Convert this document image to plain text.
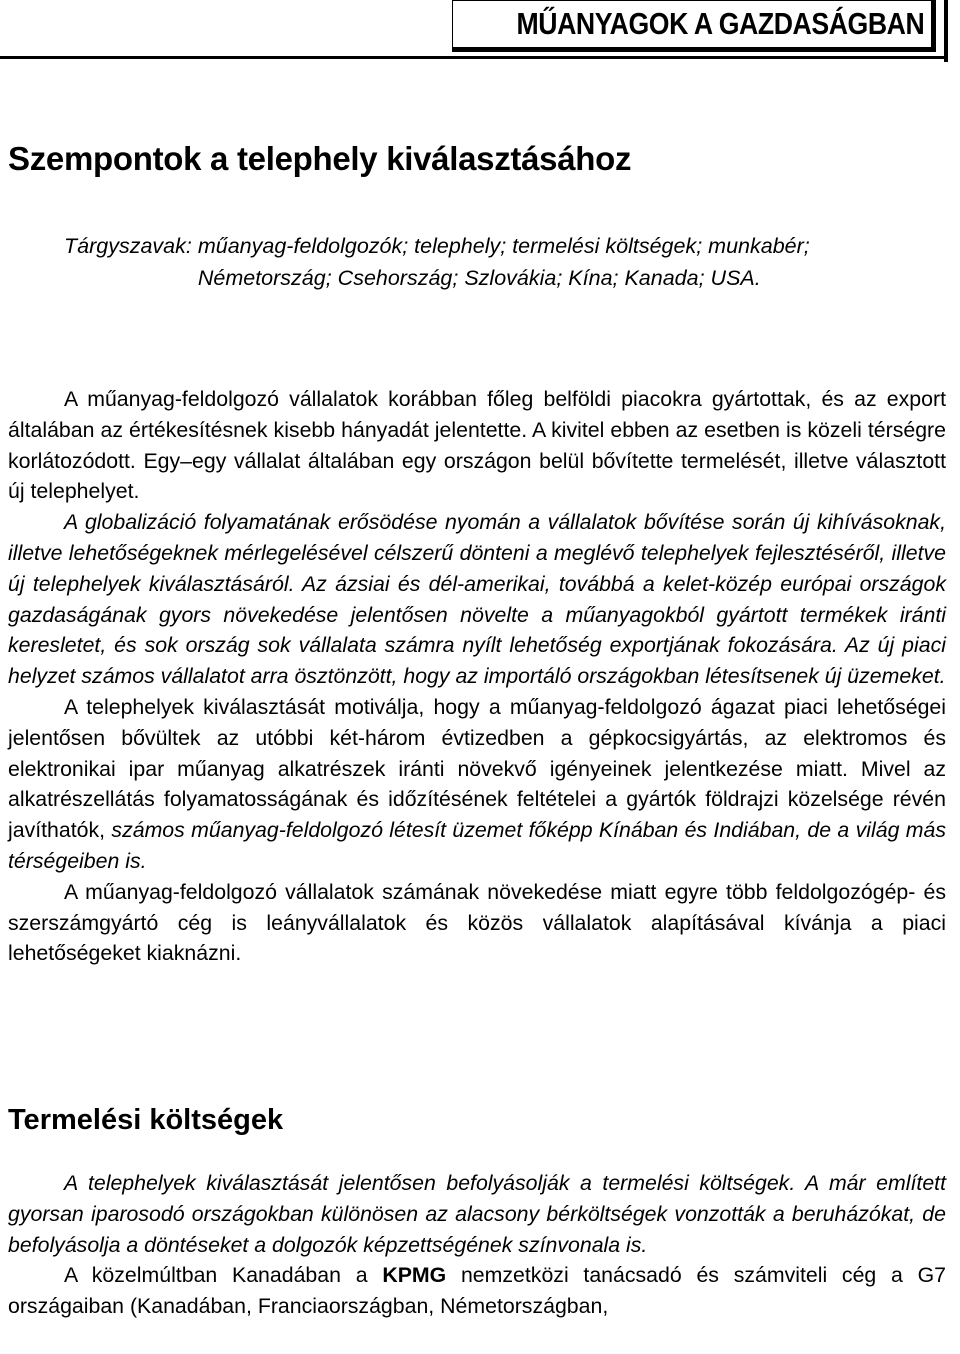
MŰANYAGOK A GAZDASÁGBAN
Szempontok a telephely kiválasztásához
Tárgyszavak: műanyag-feldolgozók; telephely; termelési költségek; munkabér; Németország; Csehország; Szlovákia; Kína; Kanada; USA.

A műanyag-feldolgozó vállalatok korábban főleg belföldi piacokra gyártottak, és az export általában az értékesítésnek kisebb hányadát jelentette. A kivitel ebben az esetben is közeli térségre korlátozódott. Egy–egy vállalat általában egy országon belül bővítette termelését, illetve választott új telephelyet.

A globalizáció folyamatának erősödése nyomán a vállalatok bővítése során új kihívásoknak, illetve lehetőségeknek mérlegelésével célszerű dönteni a meglévő telephelyek fejlesztéséről, illetve új telephelyek kiválasztásáról. Az ázsiai és dél-amerikai, továbbá a kelet-közép európai országok gazdaságának gyors növekedése jelentősen növelte a műanyagokból gyártott termékek iránti keresletet, és sok ország sok vállalata számra nyílt lehetőség exportjának fokozására. Az új piaci helyzet számos vállalatot arra ösztönzött, hogy az importáló országokban létesítsenek új üzemeket.

A telephelyek kiválasztását motiválja, hogy a műanyag-feldolgozó ágazat piaci lehetőségei jelentősen bővültek az utóbbi két-három évtizedben a gépkocsigyártás, az elektromos és elektronikai ipar műanyag alkatrészek iránti növekvő igényeinek jelentkezése miatt. Mivel az alkatrészellátás folyamatosságának és időzítésének feltételei a gyártók földrajzi közelsége révén javíthatók, számos műanyag-feldolgozó létesít üzemet főképp Kínában és Indiában, de a világ más térségeiben is.

A műanyag-feldolgozó vállalatok számának növekedése miatt egyre több feldolgozógép- és szerszámgyártó cég is leányvállalatok és közös vállalatok alapításával kívánja a piaci lehetőségeket kiaknázni.

Termelési költségek

A telephelyek kiválasztását jelentősen befolyásolják a termelési költségek. A már említett gyorsan iparosodó országokban különösen az alacsony bérköltségek vonzották a beruházókat, de befolyásolja a döntéseket a dolgozók képzettségének színvonala is.

A közelmúltban Kanadában a KPMG nemzetközi tanácsadó és számviteli cég a G7 országaiban (Kanadában, Franciaországban, Németországban,
